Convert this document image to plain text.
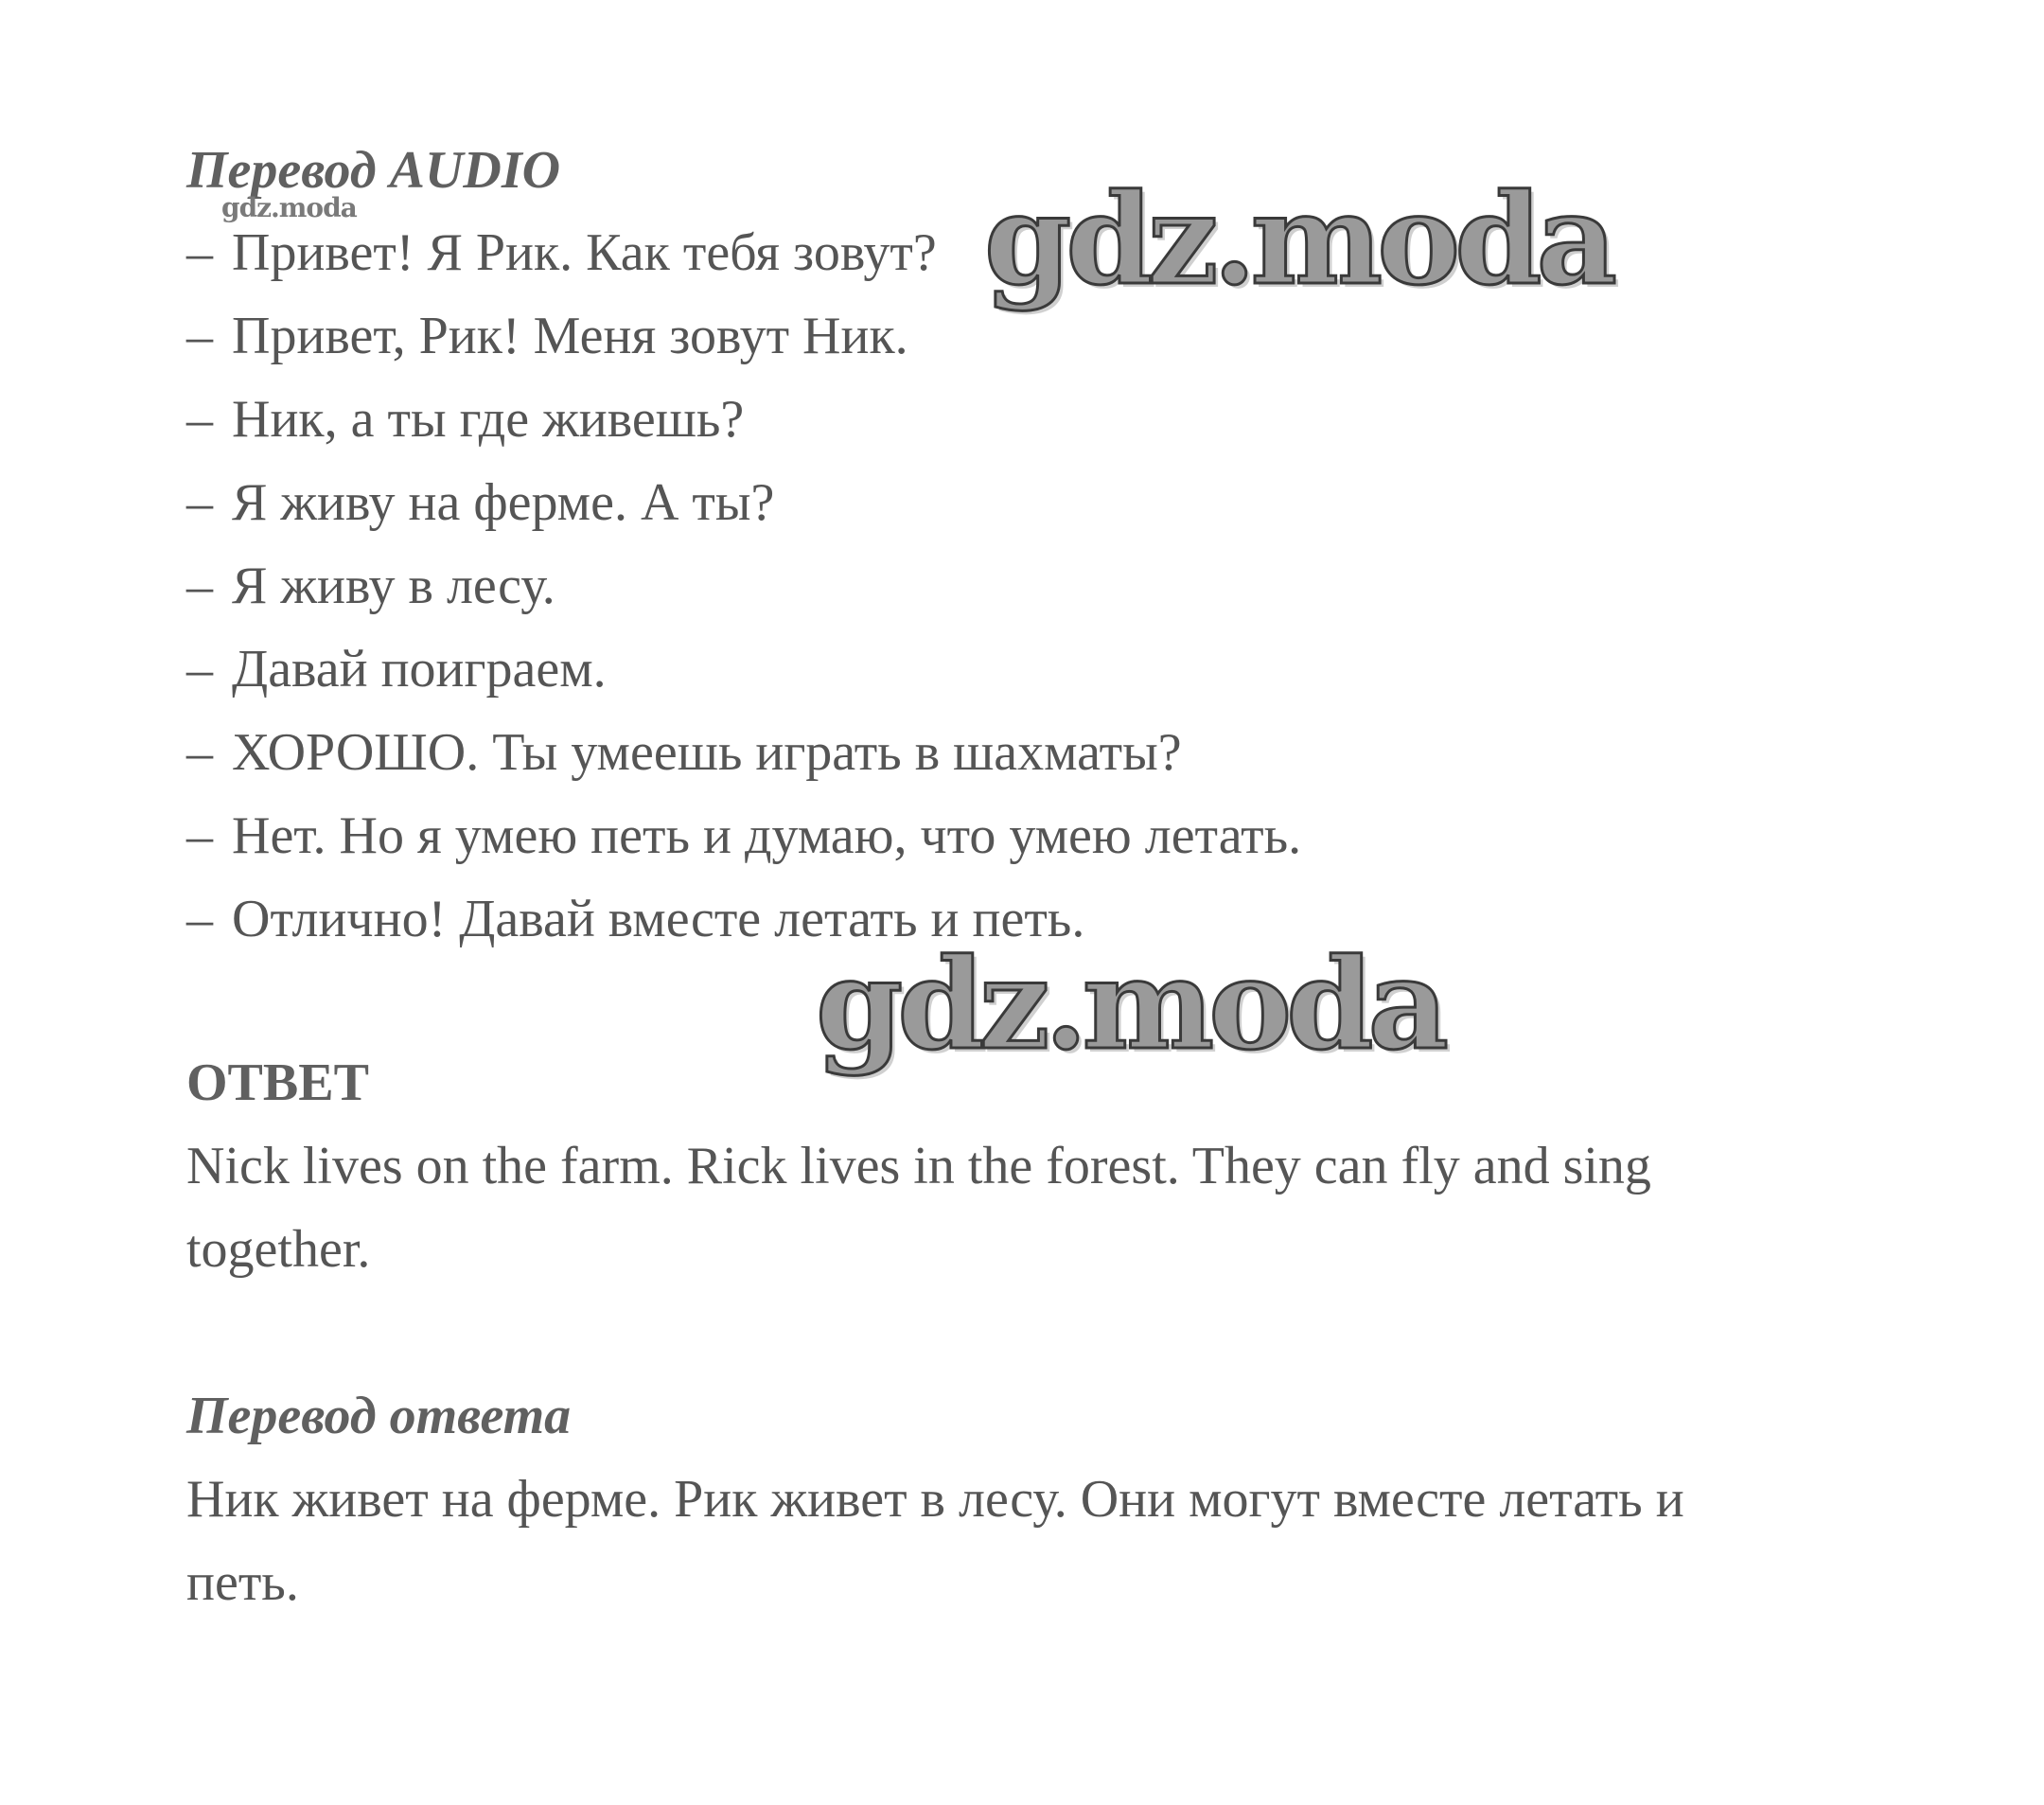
Перевод AUDIO
gdz.moda
– Привет! Я Рик. Как тебя зовут?
– Привет, Рик! Меня зовут Ник.
– Ник, а ты где живешь?
– Я живу на ферме. А ты?
– Я живу в лесу.
– Давай поиграем.
– ХОРОШО. Ты умеешь играть в шахматы?
– Нет. Но я умею петь и думаю, что умею летать.
– Отлично! Давай вместе летать и петь.
gdz.moda
gdz.moda
ОТВЕТ
Nick lives on the farm. Rick lives in the forest. They can fly and sing
together.
Перевод ответа
Ник живет на ферме. Рик живет в лесу. Они могут вместе летать и
петь.
